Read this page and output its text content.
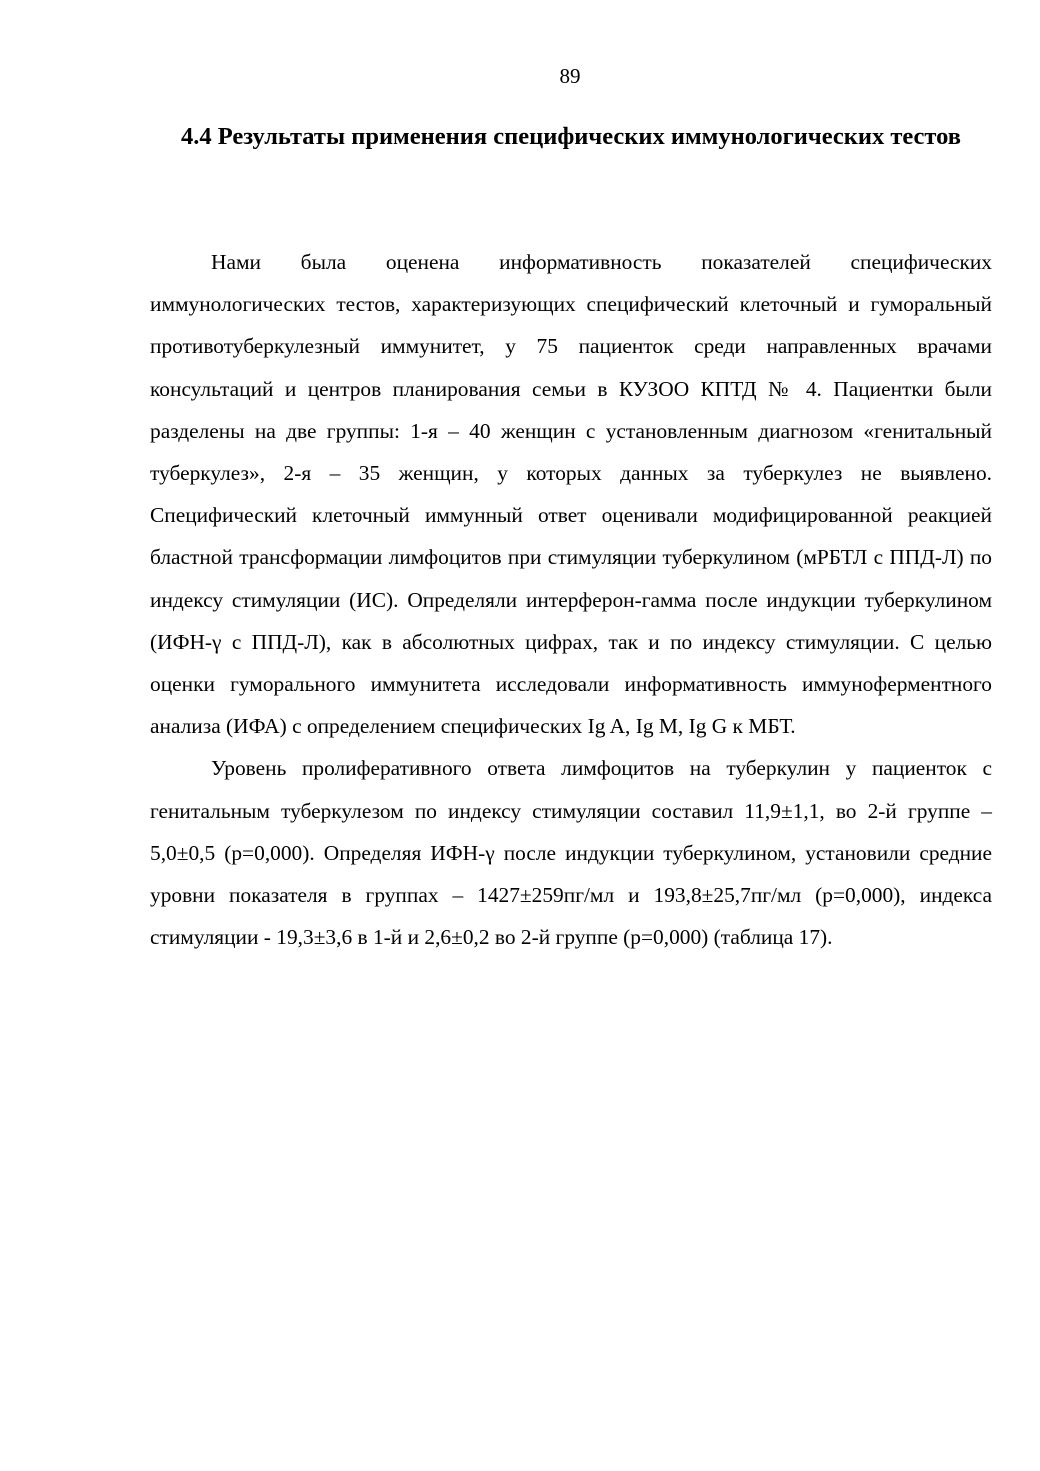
89
4.4 Результаты применения специфических иммунологических тестов

Нами была оценена информативность показателей специфических иммунологических тестов, характеризующих специфический клеточный и гуморальный противотуберкулезный иммунитет, у 75 пациенток среди направленных врачами консультаций и центров планирования семьи в КУЗОО КПТД № 4. Пациентки были разделены на две группы: 1-я – 40 женщин с установленным диагнозом «генитальный туберкулез», 2-я – 35 женщин, у которых данных за туберкулез не выявлено. Специфический клеточный иммунный ответ оценивали модифицированной реакцией бластной трансформации лимфоцитов при стимуляции туберкулином (мРБТЛ с ППД-Л) по индексу стимуляции (ИС). Определяли интерферон-гамма после индукции туберкулином (ИФН-γ с ППД-Л), как в абсолютных цифрах, так и по индексу стимуляции. С целью оценки гуморального иммунитета исследовали информативность иммуноферментного анализа (ИФА) с определением специфических Ig A, Ig M, Ig G к МБТ.

Уровень пролиферативного ответа лимфоцитов на туберкулин у пациенток с генитальным туберкулезом по индексу стимуляции составил 11,9±1,1, во 2-й группе – 5,0±0,5 (p=0,000). Определяя ИФН-γ после индукции туберкулином, установили средние уровни показателя в группах – 1427±259пг/мл и 193,8±25,7пг/мл (p=0,000), индекса стимуляции - 19,3±3,6 в 1-й и 2,6±0,2 во 2-й группе (p=0,000) (таблица 17).
